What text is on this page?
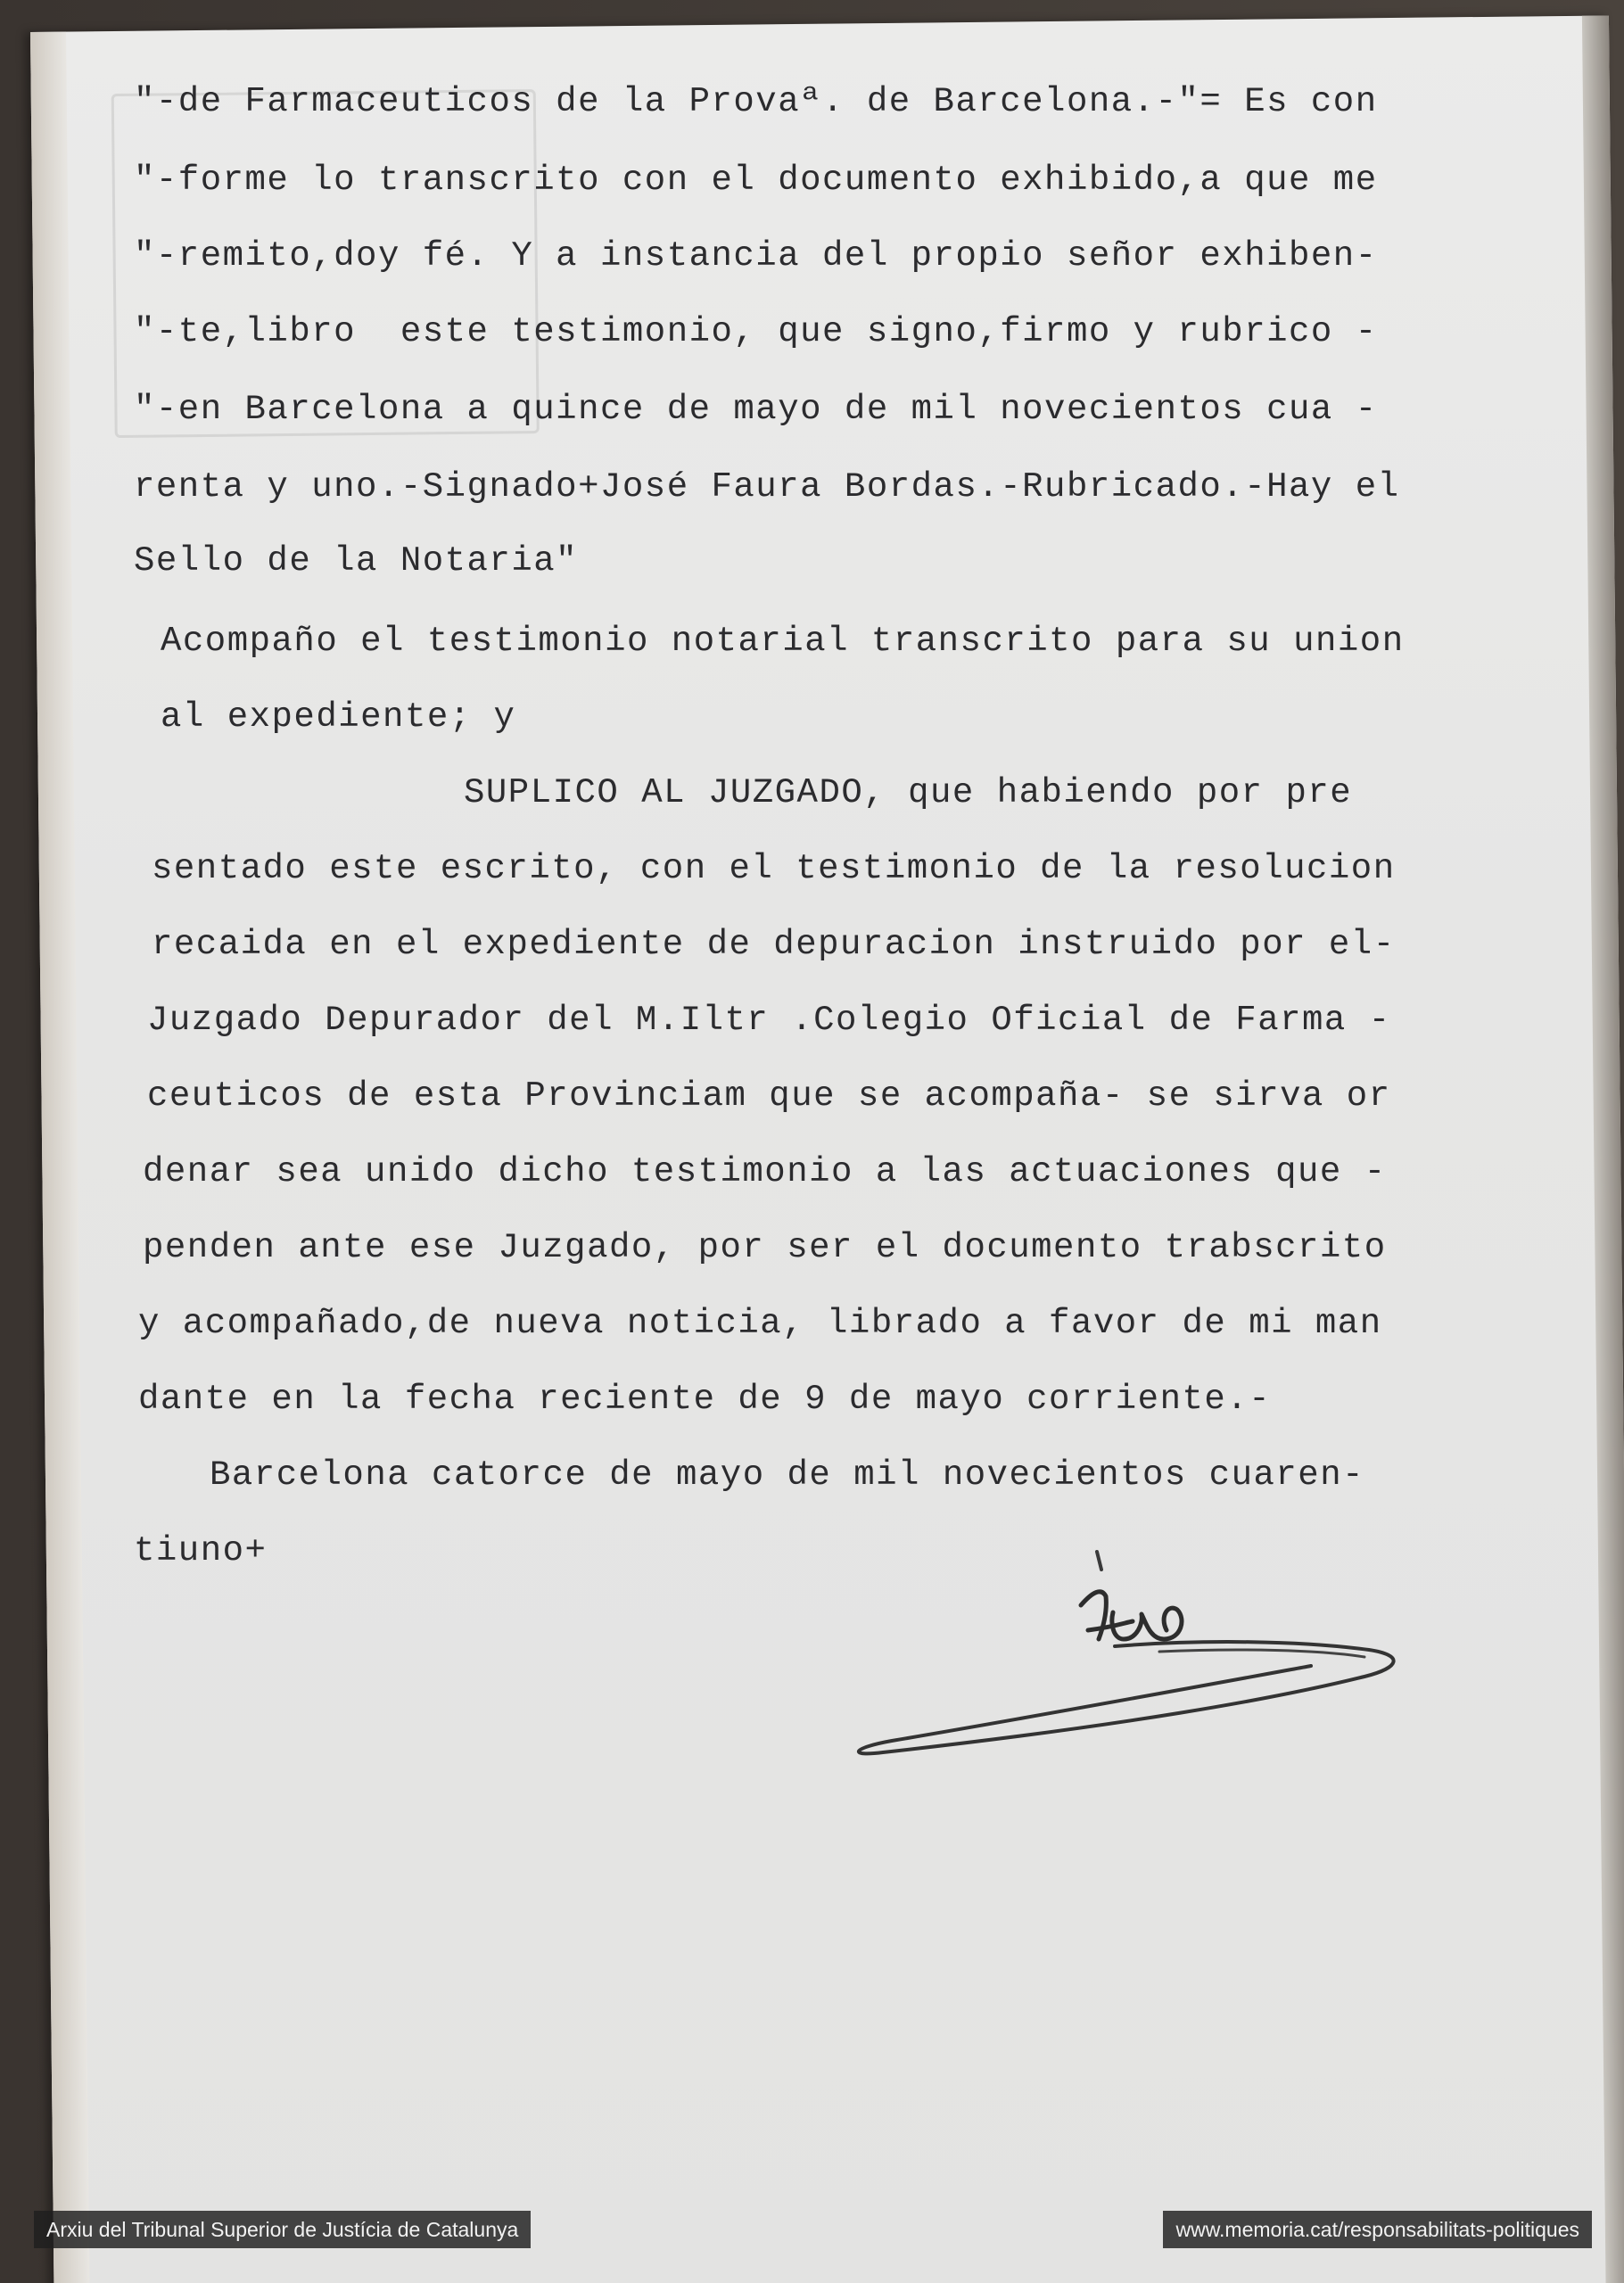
"-de Farmaceuticos de la Provaª. de Barcelona.-"= Es con
"-forme lo transcrito con el documento exhibido,a que me
"-remito,doy fé. Y a instancia del propio señor exhiben-
"-te,libro  este testimonio, que signo,firmo y rubrico -
"-en Barcelona a quince de mayo de mil novecientos cua -
renta y uno.-Signado+José Faura Bordas.-Rubricado.-Hay el
Sello de la Notaria"
Acompaño el testimonio notarial transcrito para su union
al expediente; y
SUPLICO AL JUZGADO, que habiendo por pre
sentado este escrito, con el testimonio de la resolucion
recaida en el expediente de depuracion instruido por el-
Juzgado Depurador del M.Iltr .Colegio Oficial de Farma -
ceuticos de esta Provinciam que se acompaña- se sirva or
denar sea unido dicho testimonio a las actuaciones que -
penden ante ese Juzgado, por ser el documento trabscrito
y acompañado,de nueva noticia, librado a favor de mi man
dante en la fecha reciente de 9 de mayo corriente.-
Barcelona catorce de mayo de mil novecientos cuaren-
tiuno+
Arxiu del Tribunal Superior de Justícia de Catalunya	www.memoria.cat/responsabilitats-politiques
